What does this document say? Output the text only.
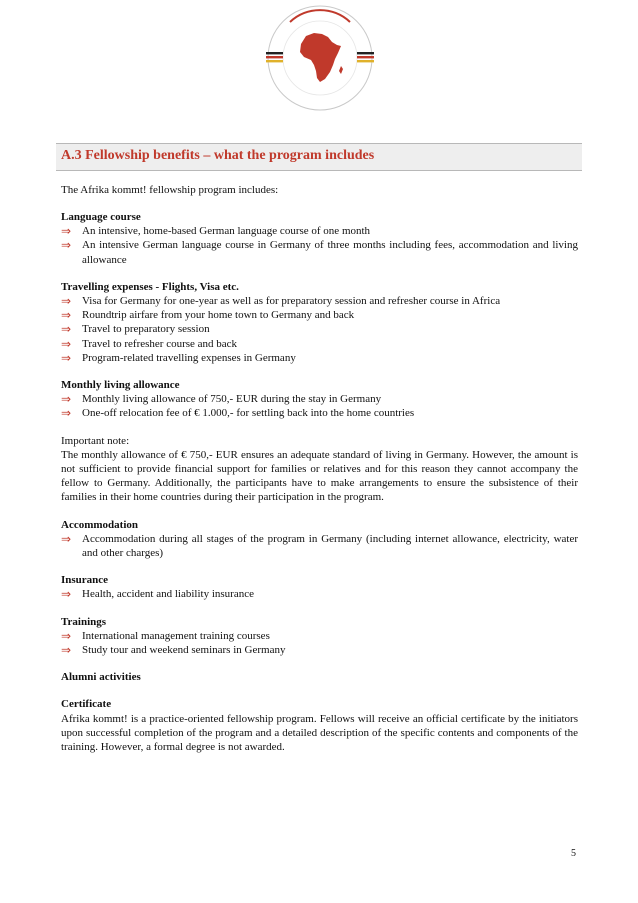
A.3 Fellowship benefits – what the program includes

The Afrika kommt! fellowship program includes:

Language course

⇒ An intensive, home-based German language course of one month
⇒ An intensive German language course in Germany of three months including fees, accommodation and living allowance

Travelling expenses - Flights, Visa etc.

⇒ Visa for Germany for one-year as well as for preparatory session and refresher course in Africa
⇒ Roundtrip airfare from your home town to Germany and back
⇒ Travel to preparatory session
⇒ Travel to refresher course and back
⇒ Program-related travelling expenses in Germany

Monthly living allowance

⇒ Monthly living allowance of 750,- EUR during the stay in Germany
⇒ One-off relocation fee of € 1.000,- for settling back into the home countries

Important note:

The monthly allowance of € 750,- EUR ensures an adequate standard of living in Germany. However, the amount is not sufficient to provide financial support for families or relatives and for this reason they cannot accompany the fellow to Germany. Additionally, the participants have to make arrangements to ensure the subsistence of their families in their home countries during their participation in the program.

Accommodation

⇒ Accommodation during all stages of the program in Germany (including internet allowance, electricity, water and other charges)

Insurance

⇒ Health, accident and liability insurance

Trainings

⇒ International management training courses
⇒ Study tour and weekend seminars in Germany

Alumni activities

Certificate

Afrika kommt! is a practice-oriented fellowship program. Fellows will receive an official certificate by the initiators upon successful completion of the program and a detailed description of the specific contents and components of the training. However, a formal degree is not awarded.

5
